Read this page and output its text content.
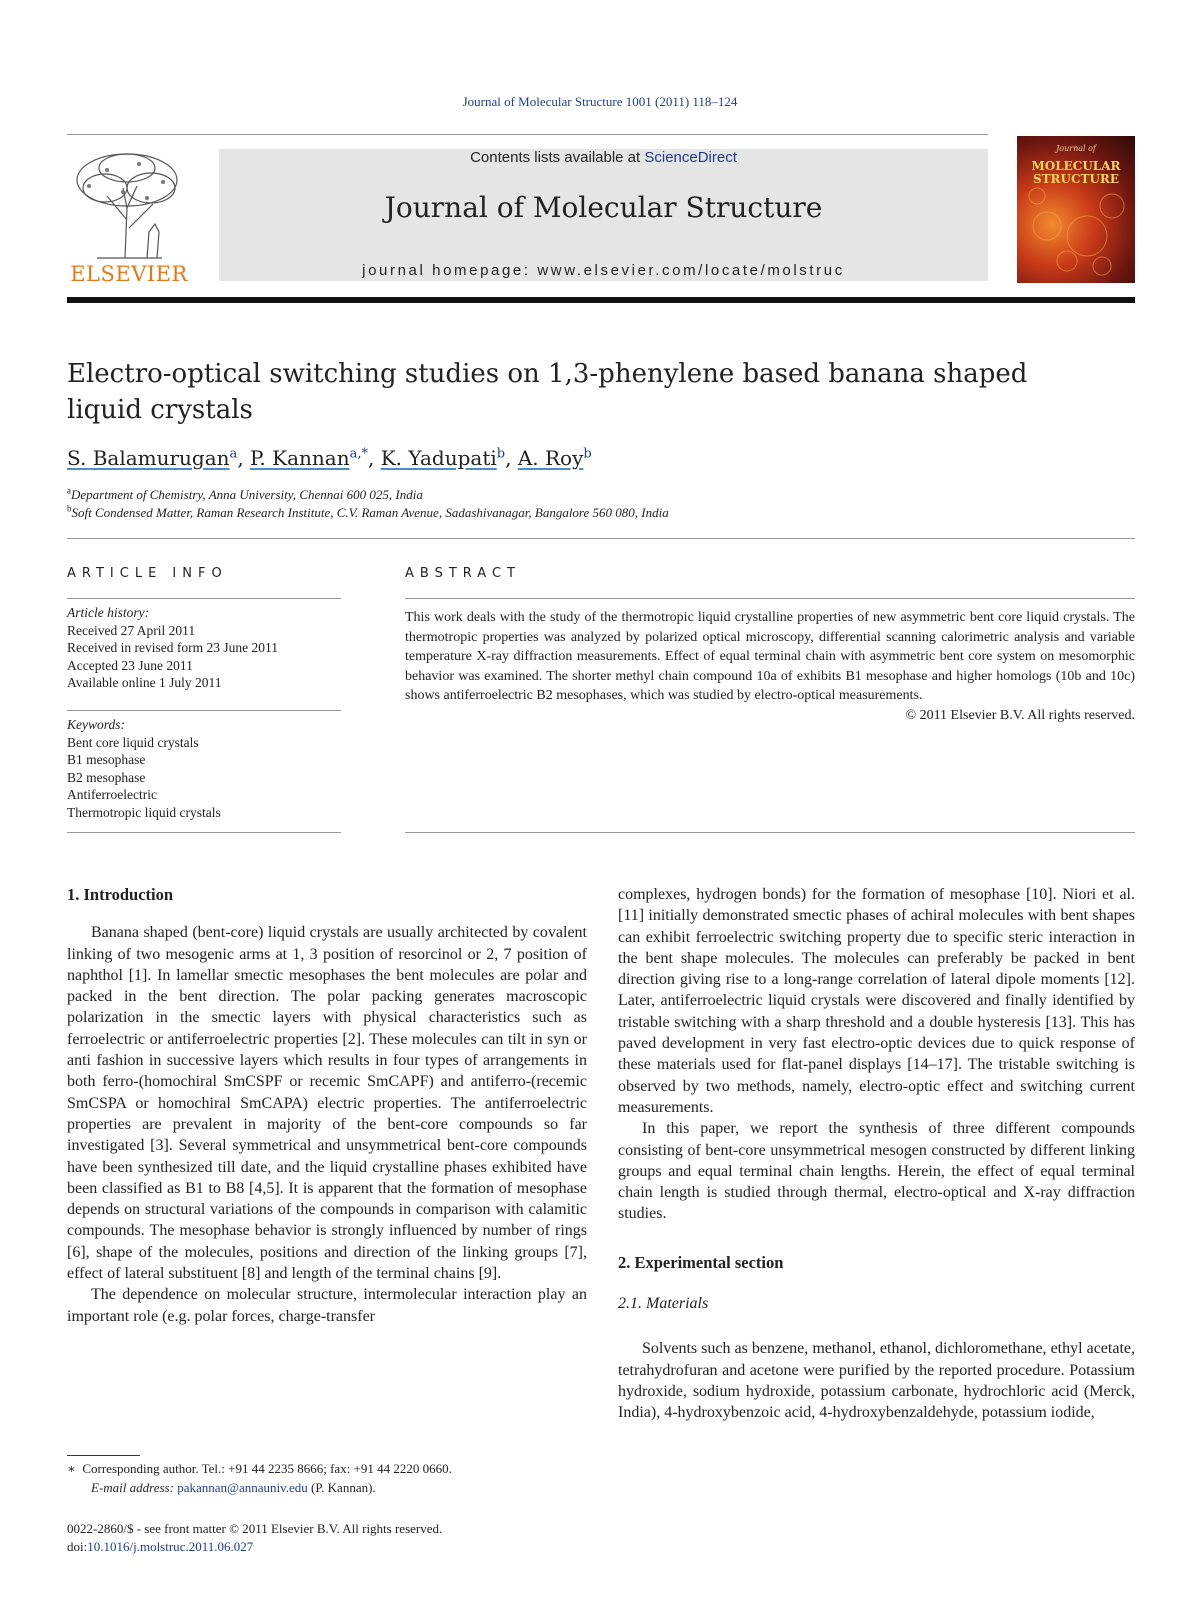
Journal of Molecular Structure 1001 (2011) 118–124
ELSEVIER
Contents lists available at ScienceDirect
Journal of Molecular Structure
journal homepage: www.elsevier.com/locate/molstruc
Journal of
MOLECULAR
STRUCTURE
Electro-optical switching studies on 1,3-phenylene based banana shaped liquid crystals
S. Balamurugan$^a$, P. Kannan$^{a,*}$, K. Yadupati$^b$, A. Roy$^b$
$^a$Department of Chemistry, Anna University, Chennai 600 025, India
$^b$Soft Condensed Matter, Raman Research Institute, C.V. Raman Avenue, Sadashivanagar, Bangalore 560 080, India
ARTICLE INFO
Article history:
Received 27 April 2011
Received in revised form 23 June 2011
Accepted 23 June 2011
Available online 1 July 2011
Keywords:
Bent core liquid crystals
B1 mesophase
B2 mesophase
Antiferroelectric
Thermotropic liquid crystals
ABSTRACT
This work deals with the study of the thermotropic liquid crystalline properties of new asymmetric bent core liquid crystals. The thermotropic properties was analyzed by polarized optical microscopy, differential scanning calorimetric analysis and variable temperature X-ray diffraction measurements. Effect of equal terminal chain with asymmetric bent core system on mesomorphic behavior was examined. The shorter methyl chain compound 10a of exhibits B1 mesophase and higher homologs (10b and 10c) shows antiferroelectric B2 mesophases, which was studied by electro-optical measurements.
© 2011 Elsevier B.V. All rights reserved.
1. Introduction

Banana shaped (bent-core) liquid crystals are usually architected by covalent linking of two mesogenic arms at 1, 3 position of resorcinol or 2, 7 position of naphthol [1]. In lamellar smectic mesophases the bent molecules are polar and packed in the bent direction. The polar packing generates macroscopic polarization in the smectic layers with physical characteristics such as ferroelectric or antiferroelectric properties [2]. These molecules can tilt in syn or anti fashion in successive layers which results in four types of arrangements in both ferro-(homochiral SmCSPF or recemic SmCAPF) and antiferro-(recemic SmCSPA or homochiral SmCAPA) electric properties. The antiferroelectric properties are prevalent in majority of the bent-core compounds so far investigated [3]. Several symmetrical and unsymmetrical bent-core compounds have been synthesized till date, and the liquid crystalline phases exhibited have been classified as B1 to B8 [4,5]. It is apparent that the formation of mesophase depends on structural variations of the compounds in comparison with calamitic compounds. The mesophase behavior is strongly influenced by number of rings [6], shape of the molecules, positions and direction of the linking groups [7], effect of lateral substituent [8] and length of the terminal chains [9].

The dependence on molecular structure, intermolecular interaction play an important role (e.g. polar forces, charge-transfer

complexes, hydrogen bonds) for the formation of mesophase [10]. Niori et al. [11] initially demonstrated smectic phases of achiral molecules with bent shapes can exhibit ferroelectric switching property due to specific steric interaction in the bent shape molecules. The molecules can preferably be packed in bent direction giving rise to a long-range correlation of lateral dipole moments [12]. Later, antiferroelectric liquid crystals were discovered and finally identified by tristable switching with a sharp threshold and a double hysteresis [13]. This has paved development in very fast electro-optic devices due to quick response of these materials used for flat-panel displays [14–17]. The tristable switching is observed by two methods, namely, electro-optic effect and switching current measurements.

In this paper, we report the synthesis of three different compounds consisting of bent-core unsymmetrical mesogen constructed by different linking groups and equal terminal chain lengths. Herein, the effect of equal terminal chain length is studied through thermal, electro-optical and X-ray diffraction studies.

2. Experimental section
2.1. Materials

Solvents such as benzene, methanol, ethanol, dichloromethane, ethyl acetate, tetrahydrofuran and acetone were purified by the reported procedure. Potassium hydroxide, sodium hydroxide, potassium carbonate, hydrochloric acid (Merck, India), 4-hydroxybenzoic acid, 4-hydroxybenzaldehyde, potassium iodide,

∗  Corresponding author. Tel.: +91 44 2235 8666; fax: +91 44 2220 0660.
E-mail address: pakannan@annauniv.edu (P. Kannan).
0022-2860/$ - see front matter © 2011 Elsevier B.V. All rights reserved.
doi:10.1016/j.molstruc.2011.06.027
